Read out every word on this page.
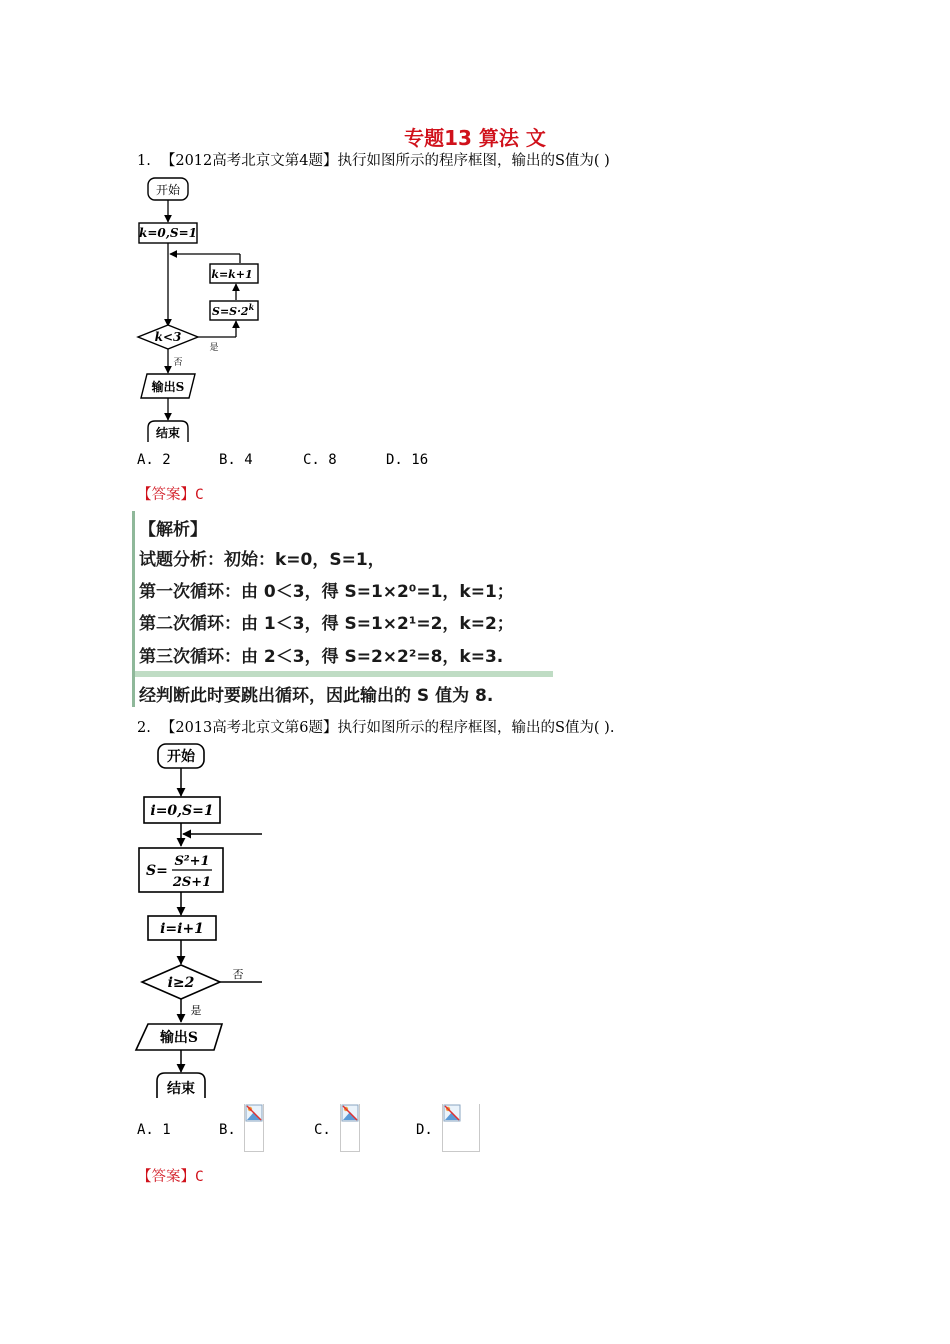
专题13 算法 文
1. 【2012高考北京文第4题】执行如图所示的程序框图，输出的S值为( )
开始
k=0,S=1
k=k+1
$S=S\cdot 2^k$
k<3
是
否
输出S
结束
A. 2	B. 4	C. 8	D. 16
【答案】C
【解析】
试题分析：初始：k=0，S=1，
第一次循环：由 0＜3，得 S=1×2⁰=1，k=1；
第二次循环：由 1＜3，得 S=1×2¹=2，k=2；
第三次循环：由 2＜3，得 S=2×2²=8，k=3.
经判断此时要跳出循环，因此输出的 S 值为 8.
2. 【2013高考北京文第6题】执行如图所示的程序框图，输出的S值为( ).
开始
i=0,S=1
S=
S²+1
2S+1
i=i+1
i≥2
否
是
输出S
结束
A. 1	B.	C.	D.
【答案】C
